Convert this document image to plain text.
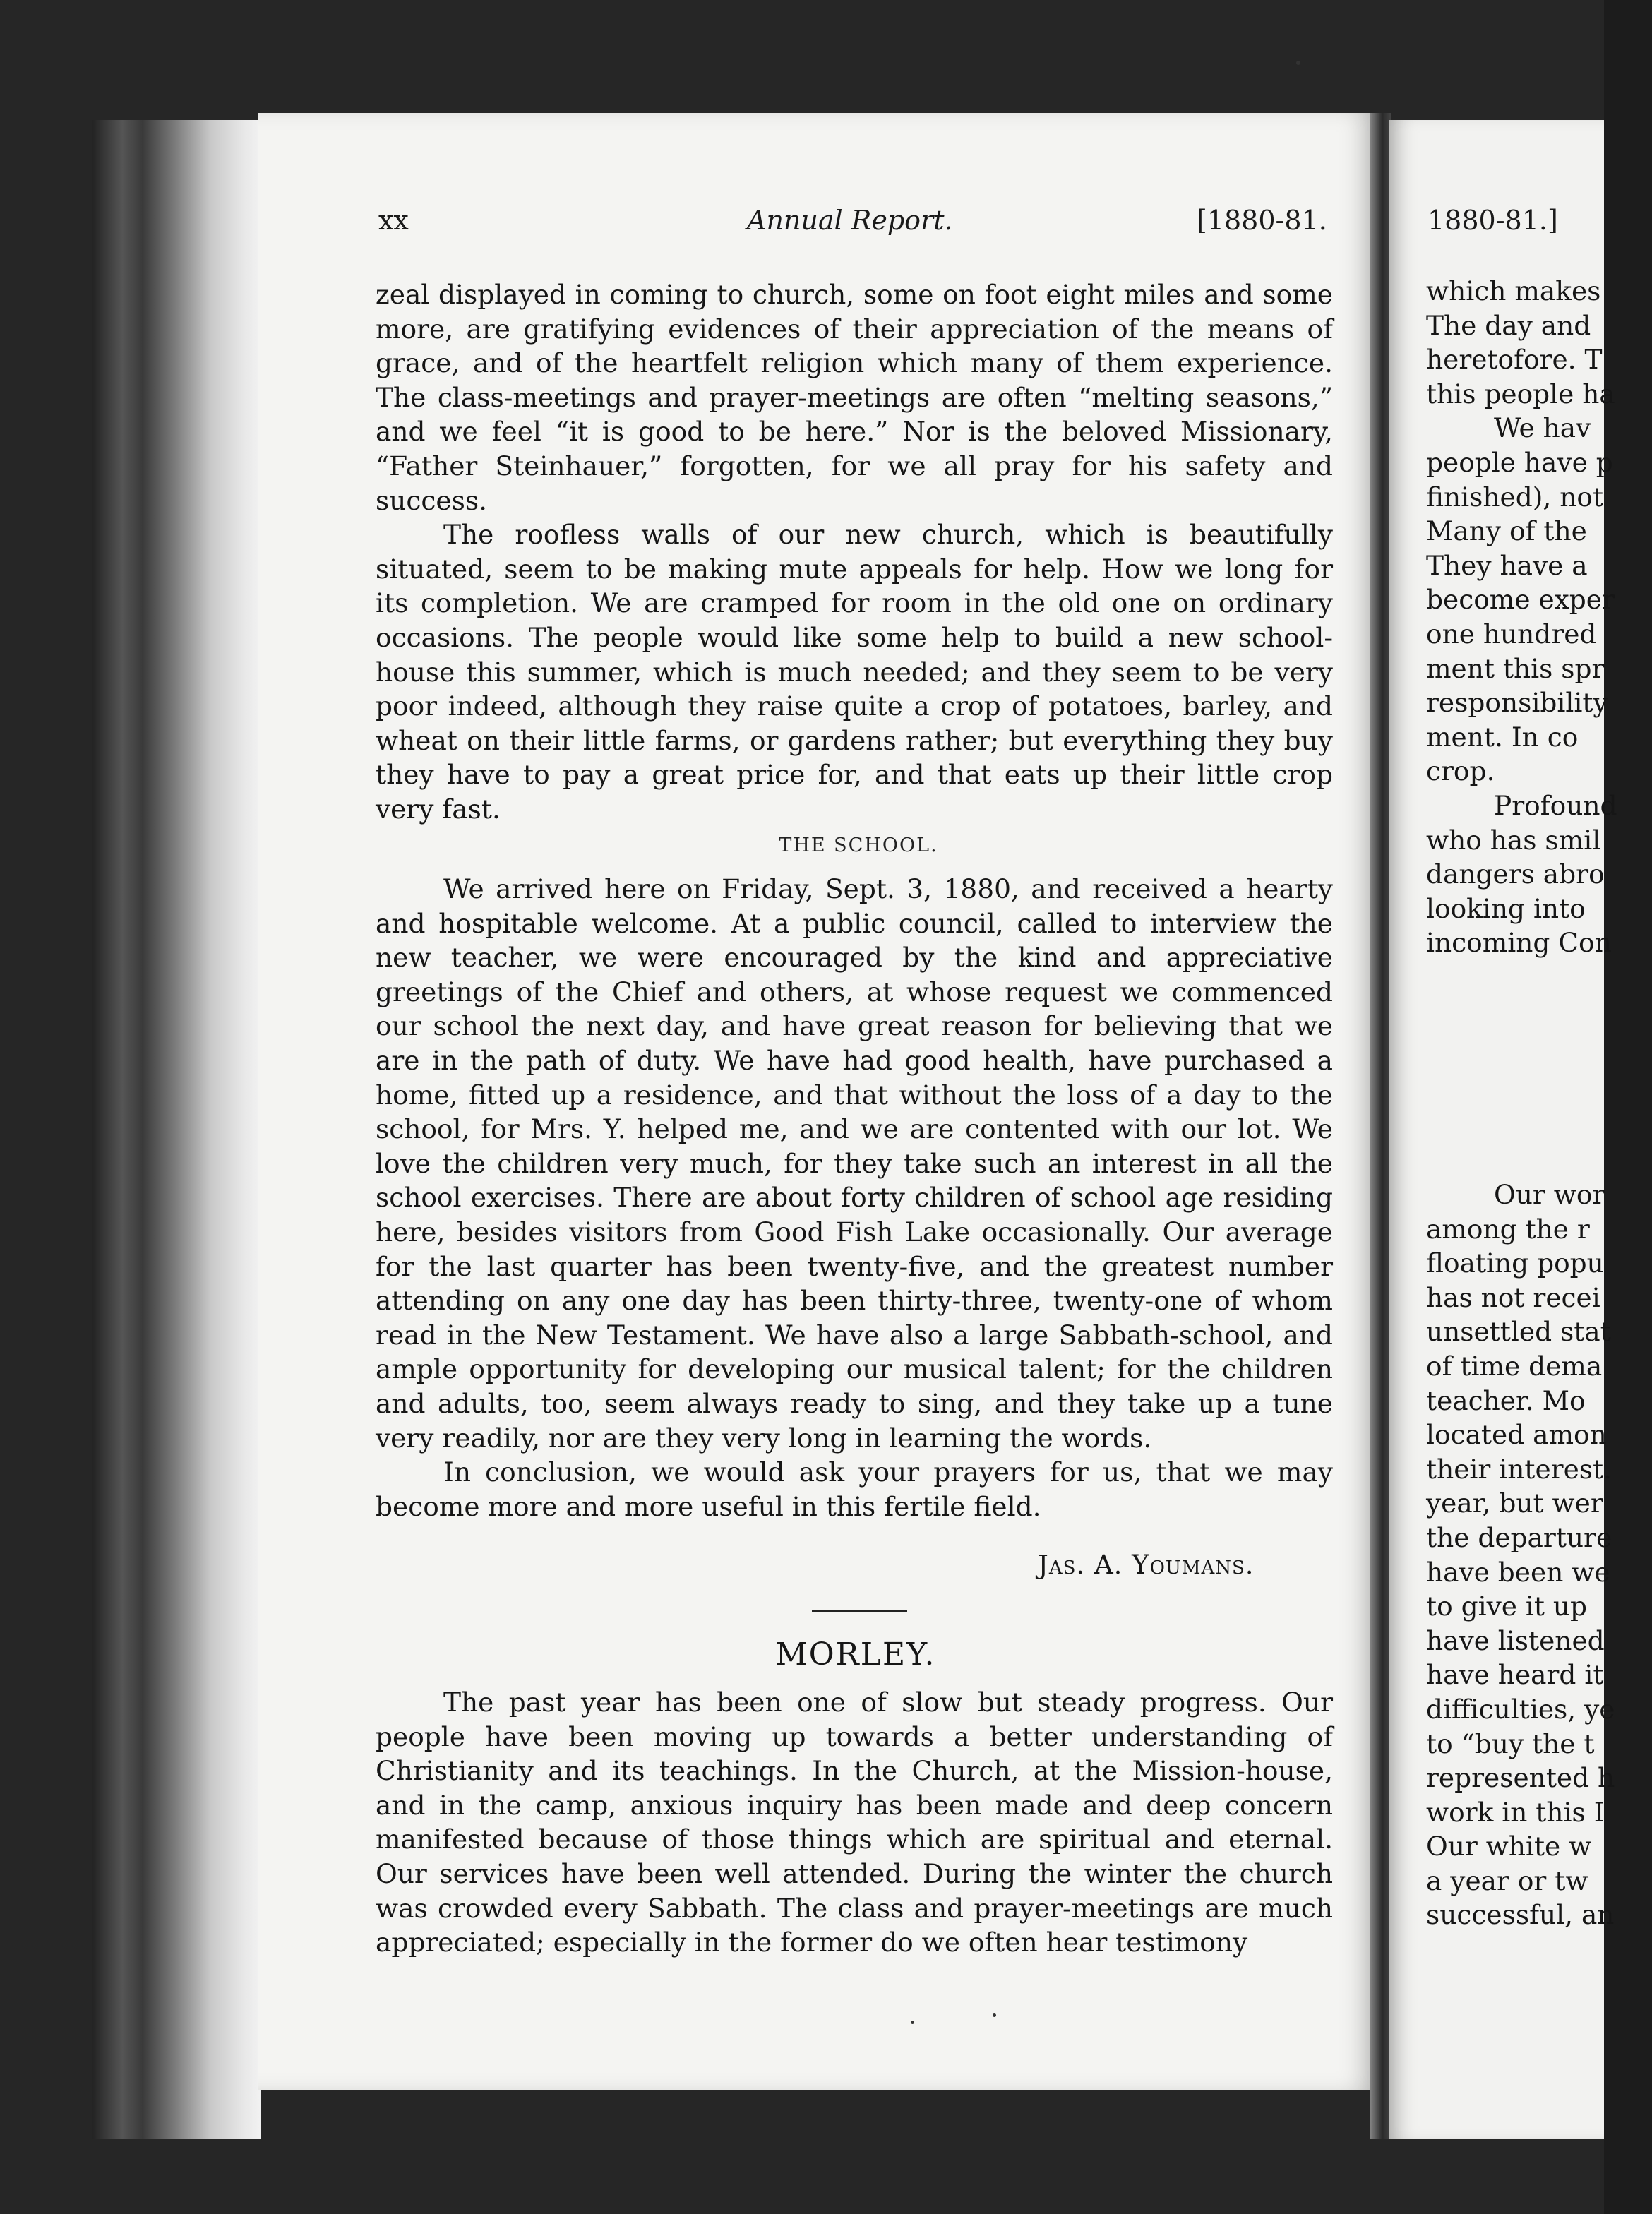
xx	Annual Report.	[1880-81.

zeal displayed in coming to church, some on foot eight miles and some more, are gratifying evidences of their appreciation of the means of grace, and of the heartfelt religion which many of them experience. The class-meetings and prayer-meetings are often “melting seasons,” and we feel “it is good to be here.” Nor is the beloved Missionary, “Father Steinhauer,” forgotten, for we all pray for his safety and success.

The roofless walls of our new church, which is beautifully situated, seem to be making mute appeals for help. How we long for its completion. We are cramped for room in the old one on ordinary occasions. The people would like some help to build a new school-house this summer, which is much needed; and they seem to be very poor indeed, although they raise quite a crop of potatoes, barley, and wheat on their little farms, or gardens rather; but everything they buy they have to pay a great price for, and that eats up their little crop very fast.

THE SCHOOL.

We arrived here on Friday, Sept. 3, 1880, and received a hearty and hospitable welcome. At a public council, called to interview the new teacher, we were encouraged by the kind and appreciative greetings of the Chief and others, at whose request we commenced our school the next day, and have great reason for believing that we are in the path of duty. We have had good health, have purchased a home, fitted up a residence, and that without the loss of a day to the school, for Mrs. Y. helped me, and we are contented with our lot. We love the children very much, for they take such an interest in all the school exercises. There are about forty children of school age residing here, besides visitors from Good Fish Lake occasionally. Our average for the last quarter has been twenty-five, and the greatest number attending on any one day has been thirty-three, twenty-one of whom read in the New Testament. We have also a large Sabbath-school, and ample opportunity for developing our musical talent; for the children and adults, too, seem always ready to sing, and they take up a tune very readily, nor are they very long in learning the words.

In conclusion, we would ask your prayers for us, that we may become more and more useful in this fertile field.

Jas. A. Youmans.
MORLEY.

The past year has been one of slow but steady progress. Our people have been moving up towards a better understanding of Christianity and its teachings. In the Church, at the Mission-house, and in the camp, anxious inquiry has been made and deep concern manifested because of those things which are spiritual and eternal. Our services have been well attended. During the winter the church was crowded every Sabbath. The class and prayer-meetings are much appreciated; especially in the former do we often hear testimony

1880-81.]
which makes
The day and
heretofore. T
this people ha
We hav
people have p
finished), not
Many of the
They have a
become exper
one hundred
ment this spr
responsibility
ment. In co
crop.
Profound
who has smil
dangers abro
looking into
incoming Con
Our wor
among the r
floating popu
has not recei
unsettled stat
of time dema
teacher. Mo
located amon
their interest.
year, but wer
the departure
have been we
to give it up
have listened
have heard it
difficulties, ye
to “buy the t
represented h
work in this I
Our white w
a year or tw
successful, an
